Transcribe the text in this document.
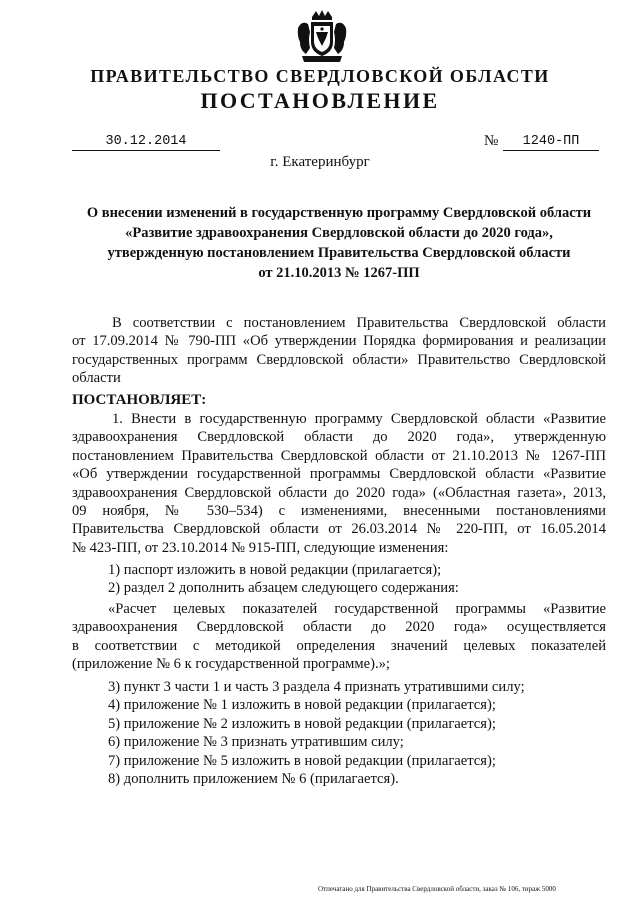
ПРАВИТЕЛЬСТВО СВЕРДЛОВСКОЙ ОБЛАСТИ
ПОСТАНОВЛЕНИЕ
30.12.2014	№	1240-ПП
г. Екатеринбург
О внесении изменений в государственную программу Свердловской области
«Развитие здравоохранения Свердловской области до 2020 года»,
утвержденную постановлением Правительства Свердловской области
от 21.10.2013 № 1267-ПП
В соответствии с постановлением Правительства Свердловской области
от 17.09.2014 № 790-ПП «Об утверждении Порядка формирования и реализации
государственных программ Свердловской области» Правительство Свердловской
области
ПОСТАНОВЛЯЕТ:
1. Внести в государственную программу Свердловской области «Развитие
здравоохранения Свердловской области до 2020 года», утвержденную
постановлением Правительства Свердловской области от 21.10.2013 № 1267-ПП
«Об утверждении государственной программы Свердловской области «Развитие
здравоохранения Свердловской области до 2020 года» («Областная газета», 2013,
09 ноября, № 530–534) с изменениями, внесенными постановлениями
Правительства Свердловской области от 26.03.2014 № 220-ПП, от 16.05.2014
№ 423-ПП, от 23.10.2014 № 915-ПП, следующие изменения:
1) паспорт изложить в новой редакции (прилагается);
2) раздел 2 дополнить абзацем следующего содержания:
«Расчет целевых показателей государственной программы «Развитие
здравоохранения Свердловской области до 2020 года» осуществляется
в соответствии с методикой определения значений целевых показателей
(приложение № 6 к государственной программе).»;
3) пункт 3 части 1 и часть 3 раздела 4 признать утратившими силу;
4) приложение № 1 изложить в новой редакции (прилагается);
5) приложение № 2 изложить в новой редакции (прилагается);
6) приложение № 3 признать утратившим силу;
7) приложение № 5 изложить в новой редакции (прилагается);
8) дополнить приложением № 6 (прилагается).
Отпечатано для Правительства Свердловской области, заказ № 106, тираж 5000
